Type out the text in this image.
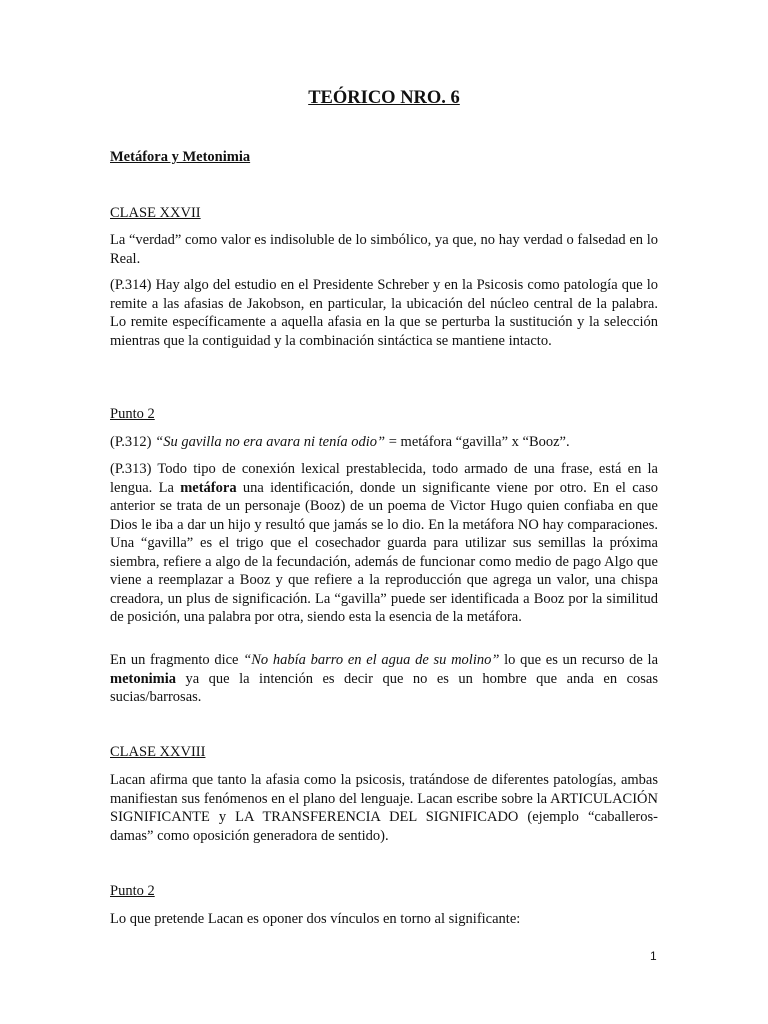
TEÓRICO NRO. 6
Metáfora y Metonimia
CLASE XXVII

La “verdad” como valor es indisoluble de lo simbólico, ya que, no hay verdad o falsedad en lo Real.

(P.314) Hay algo del estudio en el Presidente Schreber y en la Psicosis como patología que lo remite a las afasias de Jakobson, en particular, la ubicación del núcleo central de la palabra. Lo remite específicamente a aquella afasia en la que se perturba la sustitución y la selección mientras que la contiguidad y la combinación sintáctica se mantiene intacto.

Punto 2

(P.312) “Su gavilla no era avara ni tenía odio” = metáfora “gavilla” x “Booz”.

(P.313) Todo tipo de conexión lexical prestablecida, todo armado de una frase, está en la lengua. La metáfora una identificación, donde un significante viene por otro. En el caso anterior se trata de un personaje (Booz) de un poema de Victor Hugo quien confiaba en que Dios le iba a dar un hijo y resultó que jamás se lo dio. En la metáfora NO hay comparaciones. Una “gavilla” es el trigo que el cosechador guarda para utilizar sus semillas la próxima siembra, refiere a algo de la fecundación, además de funcionar como medio de pago Algo que viene a reemplazar a Booz y que refiere a la reproducción que agrega un valor, una chispa creadora, un plus de significación. La “gavilla” puede ser identificada a Booz por la similitud de posición, una palabra por otra, siendo esta la esencia de la metáfora.

En un fragmento dice “No había barro en el agua de su molino” lo que es un recurso de la metonimia ya que la intención es decir que no es un hombre que anda en cosas sucias/barrosas.

CLASE XXVIII

Lacan afirma que tanto la afasia como la psicosis, tratándose de diferentes patologías, ambas manifiestan sus fenómenos en el plano del lenguaje. Lacan escribe sobre la ARTICULACIÓN SIGNIFICANTE y LA TRANSFERENCIA DEL SIGNIFICADO (ejemplo “caballeros-damas” como oposición generadora de sentido).

Punto 2

Lo que pretende Lacan es oponer dos vínculos en torno al significante:

1
